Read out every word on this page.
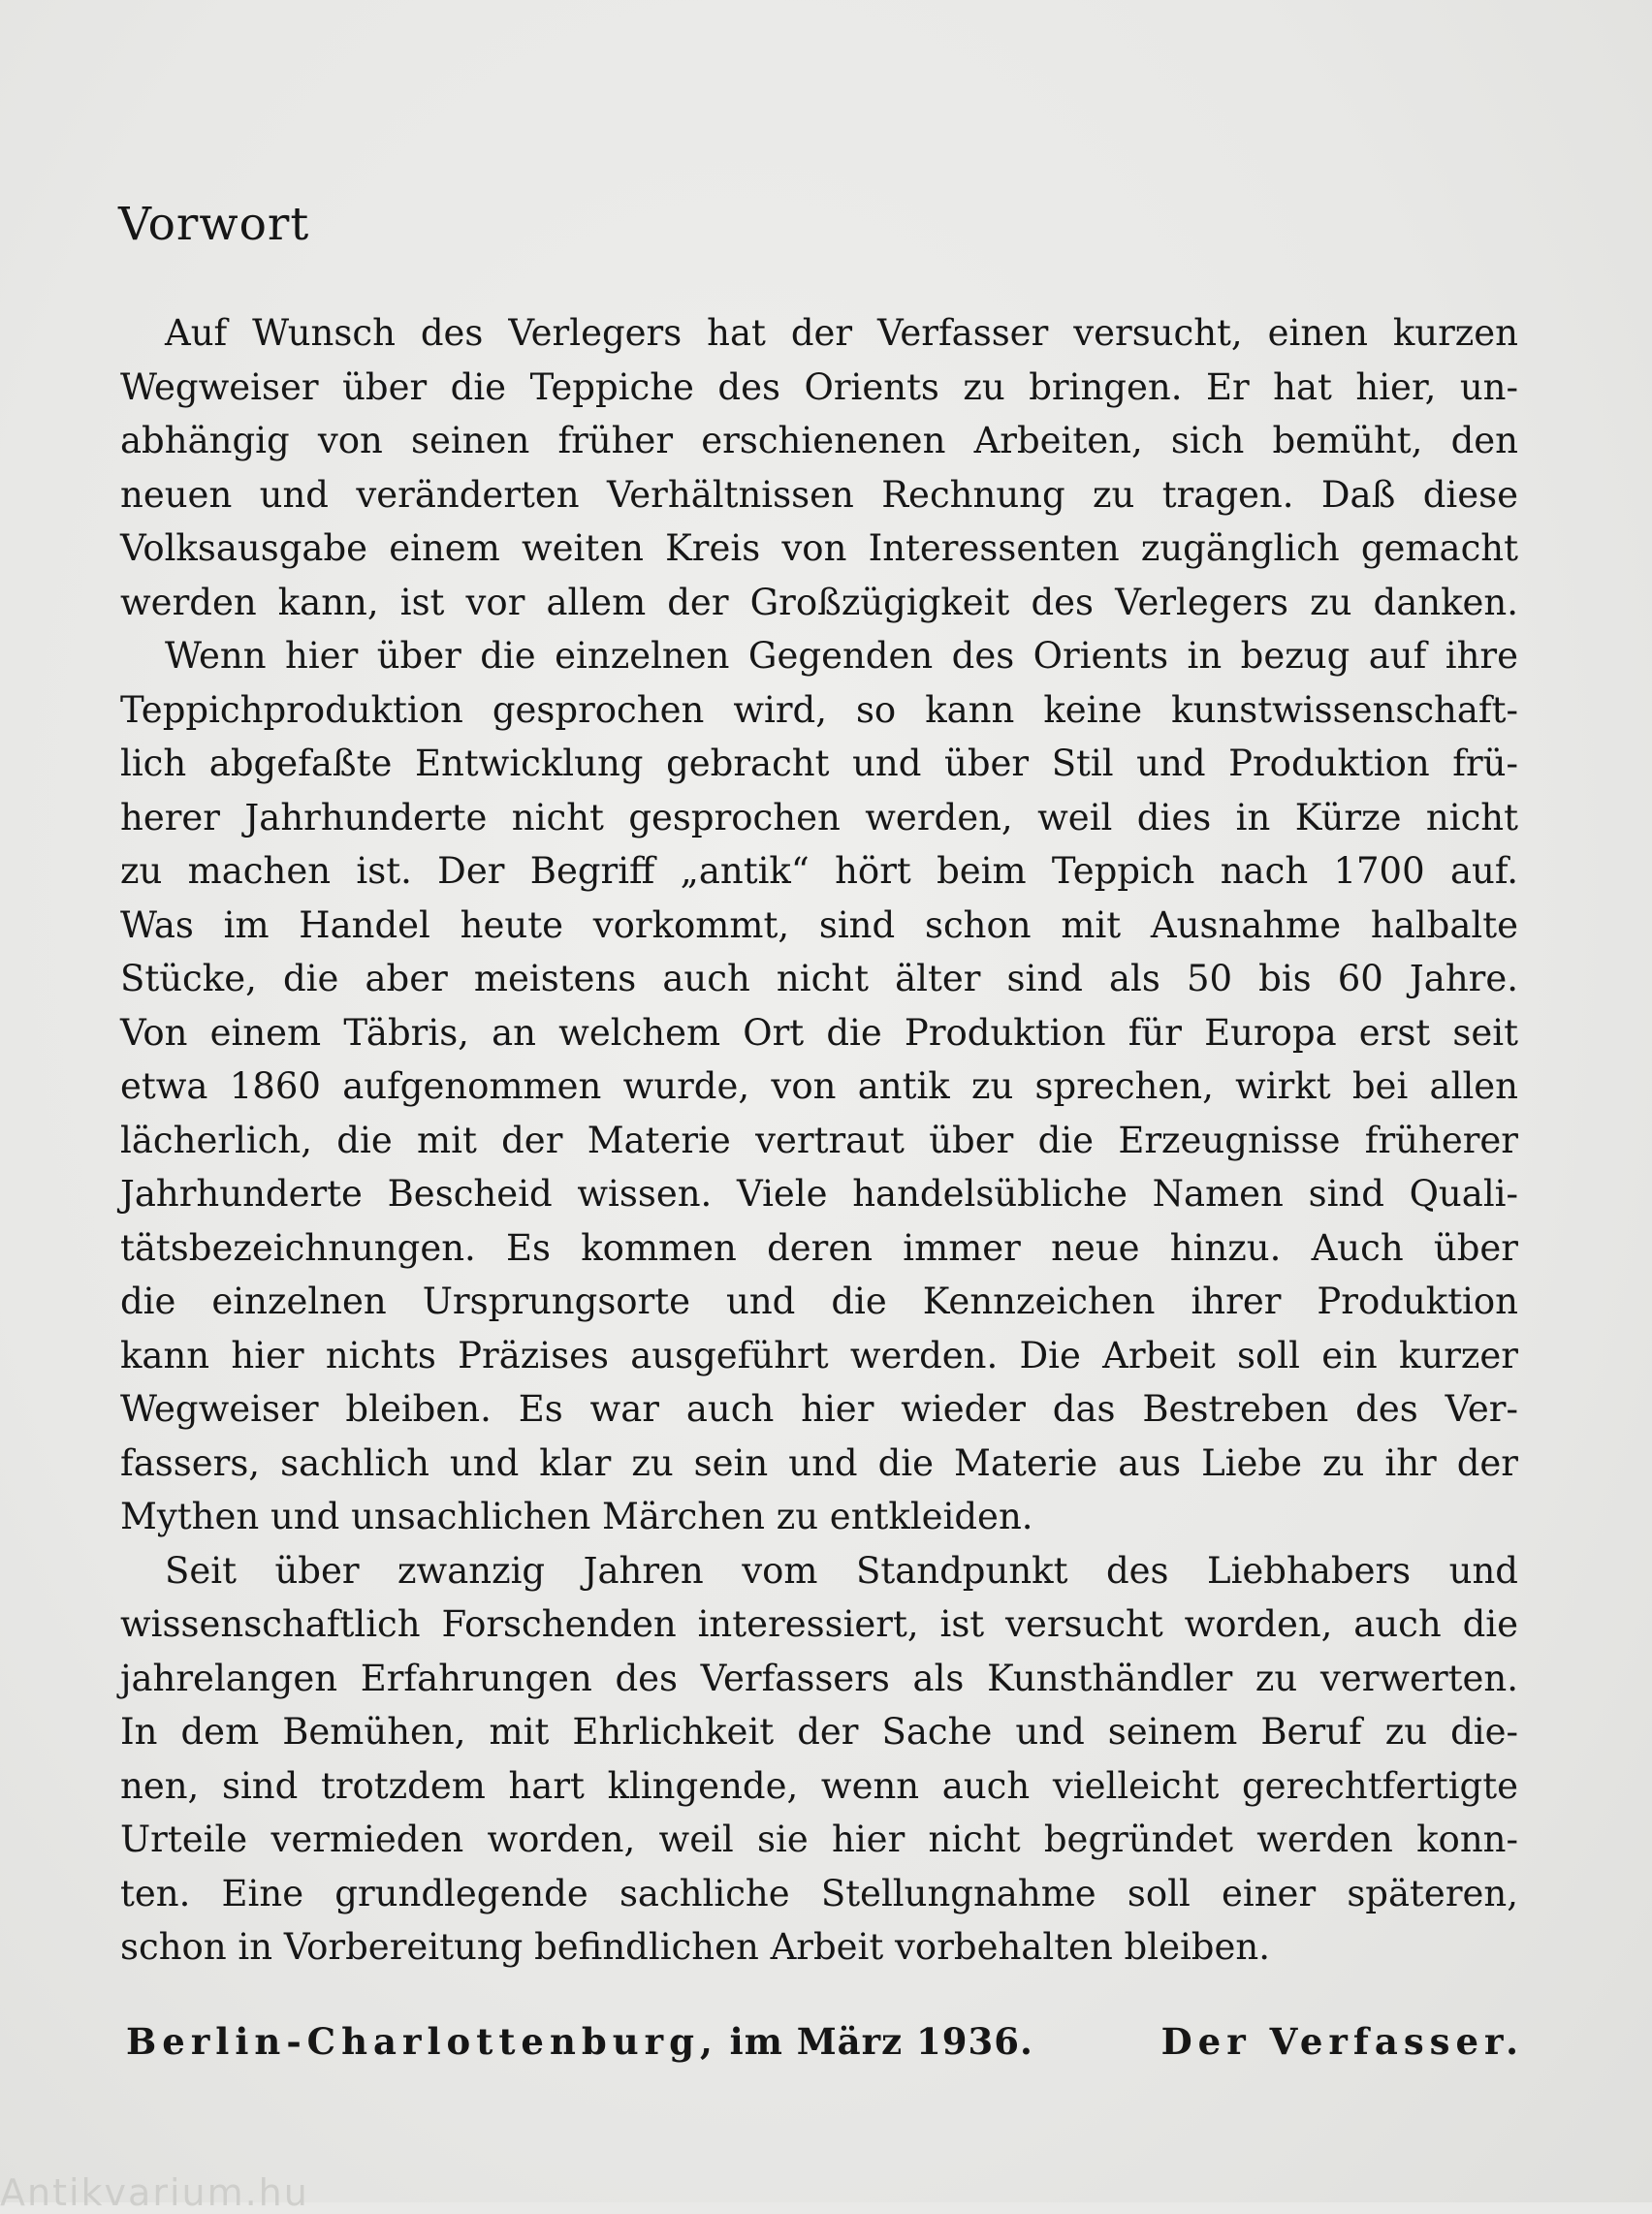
Vorwort
Auf Wunsch des Verlegers hat der Verfasser versucht, einen kurzen
Wegweiser über die Teppiche des Orients zu bringen. Er hat hier, un-
abhängig von seinen früher erschienenen Arbeiten, sich bemüht, den
neuen und veränderten Verhältnissen Rechnung zu tragen. Daß diese
Volksausgabe einem weiten Kreis von Interessenten zugänglich gemacht
werden kann, ist vor allem der Großzügigkeit des Verlegers zu danken.
Wenn hier über die einzelnen Gegenden des Orients in bezug auf ihre
Teppichproduktion gesprochen wird, so kann keine kunstwissenschaft-
lich abgefaßte Entwicklung gebracht und über Stil und Produktion frü-
herer Jahrhunderte nicht gesprochen werden, weil dies in Kürze nicht
zu machen ist. Der Begriff „antik“ hört beim Teppich nach 1700 auf.
Was im Handel heute vorkommt, sind schon mit Ausnahme halbalte
Stücke, die aber meistens auch nicht älter sind als 50 bis 60 Jahre.
Von einem Täbris, an welchem Ort die Produktion für Europa erst seit
etwa 1860 aufgenommen wurde, von antik zu sprechen, wirkt bei allen
lächerlich, die mit der Materie vertraut über die Erzeugnisse früherer
Jahrhunderte Bescheid wissen. Viele handelsübliche Namen sind Quali-
tätsbezeichnungen. Es kommen deren immer neue hinzu. Auch über
die einzelnen Ursprungsorte und die Kennzeichen ihrer Produktion
kann hier nichts Präzises ausgeführt werden. Die Arbeit soll ein kurzer
Wegweiser bleiben. Es war auch hier wieder das Bestreben des Ver-
fassers, sachlich und klar zu sein und die Materie aus Liebe zu ihr der
Mythen und unsachlichen Märchen zu entkleiden.
Seit über zwanzig Jahren vom Standpunkt des Liebhabers und
wissenschaftlich Forschenden interessiert, ist versucht worden, auch die
jahrelangen Erfahrungen des Verfassers als Kunsthändler zu verwerten.
In dem Bemühen, mit Ehrlichkeit der Sache und seinem Beruf zu die-
nen, sind trotzdem hart klingende, wenn auch vielleicht gerechtfertigte
Urteile vermieden worden, weil sie hier nicht begründet werden konn-
ten. Eine grundlegende sachliche Stellungnahme soll einer späteren,
schon in Vorbereitung befindlichen Arbeit vorbehalten bleiben.
Berlin-Charlottenburg, im März 1936.	Der Verfasser.
Antikvarium.hu
